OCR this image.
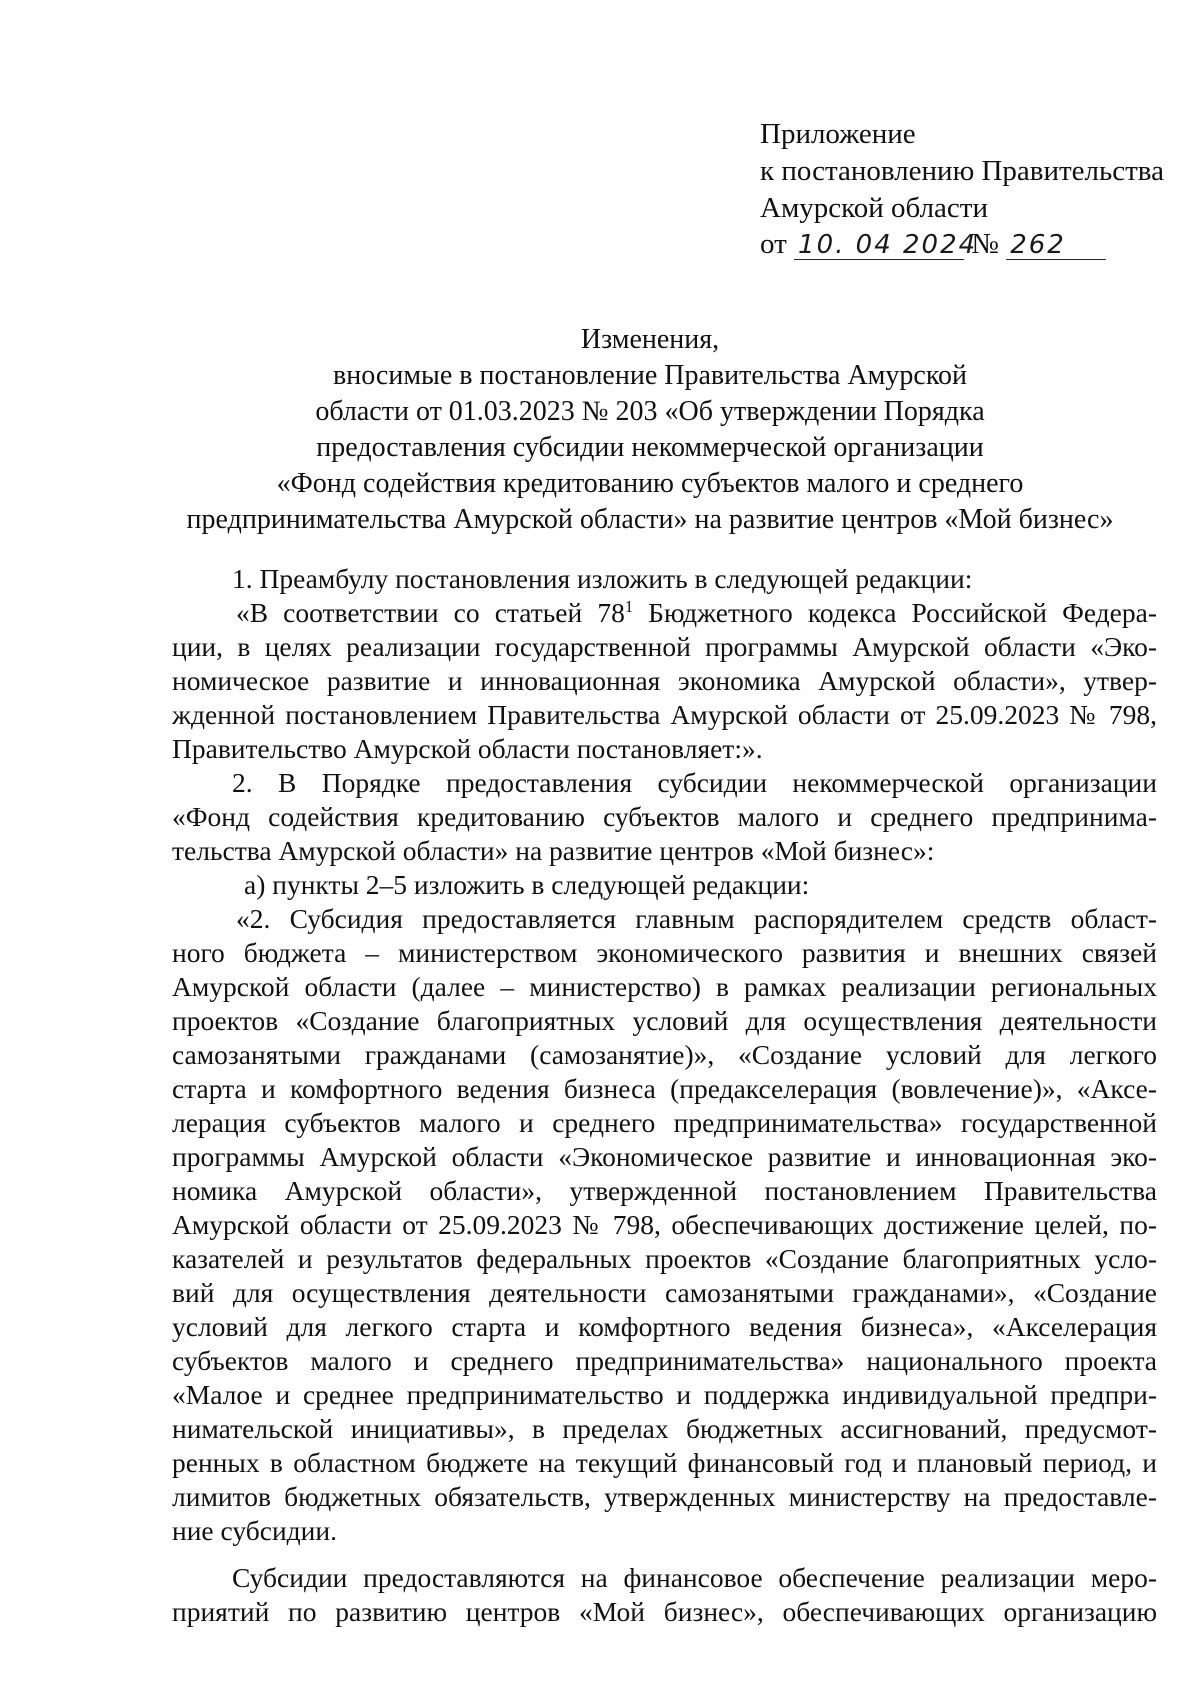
Приложение
к постановлению Правительства
Амурской области
от 10. 04 2024 № 262
Изменения,
вносимые в постановление Правительства Амурской
области от 01.03.2023 № 203 «Об утверждении Порядка
предоставления субсидии некоммерческой организации
«Фонд содействия кредитованию субъектов малого и среднего
предпринимательства Амурской области» на развитие центров «Мой бизнес»
1. Преамбулу постановления изложить в следующей редакции:
«В соответствии со статьей $78^1$ Бюджетного кодекса Российской Федера-
ции, в целях реализации государственной программы Амурской области «Эко-
номическое развитие и инновационная экономика Амурской области», утвер-
жденной постановлением Правительства Амурской области от 25.09.2023 № 798,
Правительство Амурской области постановляет:».
2. В Порядке предоставления субсидии некоммерческой организации
«Фонд содействия кредитованию субъектов малого и среднего предпринима-
тельства Амурской области» на развитие центров «Мой бизнес»:
а) пункты 2–5 изложить в следующей редакции:
«2. Субсидия предоставляется главным распорядителем средств област-
ного бюджета – министерством экономического развития и внешних связей
Амурской области (далее – министерство) в рамках реализации региональных
проектов «Создание благоприятных условий для осуществления деятельности
самозанятыми гражданами (самозанятие)», «Создание условий для легкого
старта и комфортного ведения бизнеса (предакселерация (вовлечение)», «Аксе-
лерация субъектов малого и среднего предпринимательства» государственной
программы Амурской области «Экономическое развитие и инновационная эко-
номика Амурской области», утвержденной постановлением Правительства
Амурской области от 25.09.2023 № 798, обеспечивающих достижение целей, по-
казателей и результатов федеральных проектов «Создание благоприятных усло-
вий для осуществления деятельности самозанятыми гражданами», «Создание
условий для легкого старта и комфортного ведения бизнеса», «Акселерация
субъектов малого и среднего предпринимательства» национального проекта
«Малое и среднее предпринимательство и поддержка индивидуальной предпри-
нимательской инициативы», в пределах бюджетных ассигнований, предусмот-
ренных в областном бюджете на текущий финансовый год и плановый период, и
лимитов бюджетных обязательств, утвержденных министерству на предоставле-
ние субсидии.
Субсидии предоставляются на финансовое обеспечение реализации меро-
приятий по развитию центров «Мой бизнес», обеспечивающих организацию
